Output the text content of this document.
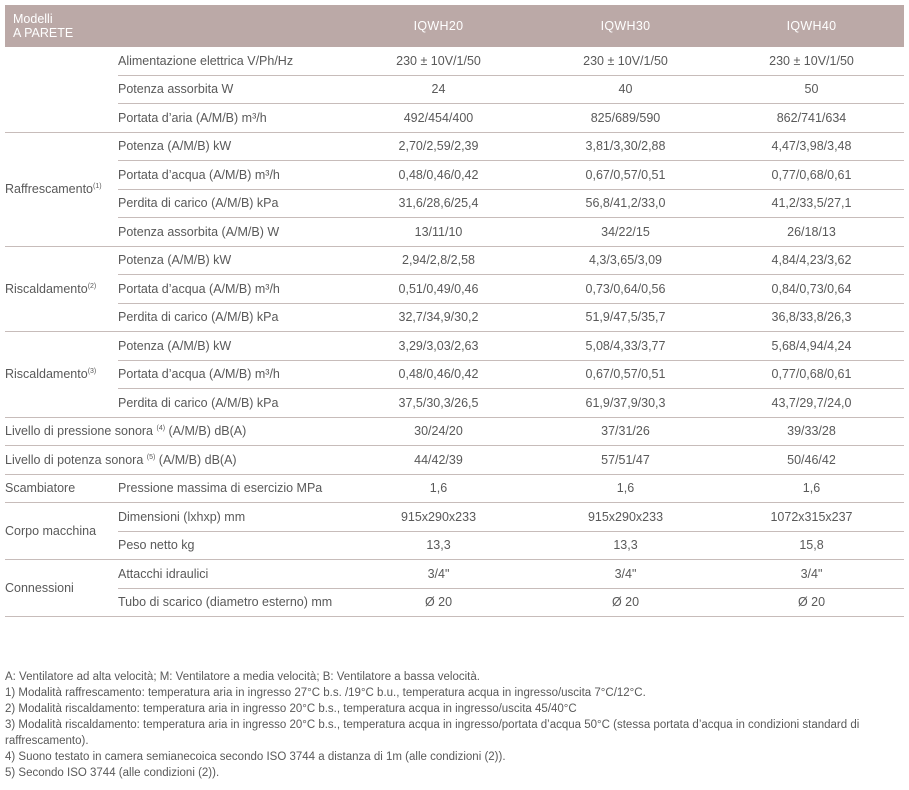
Modelli
A PARETE		IQWH20	IQWH30	IQWH40
	Alimentazione elettrica V/Ph/Hz	230 ± 10V/1/50	230 ± 10V/1/50	230 ± 10V/1/50
	Potenza assorbita W	24	40	50
	Portata d’aria (A/M/B) m³/h	492/454/400	825/689/590	862/741/634
Raffrescamento$^{(1)}$	Potenza (A/M/B) kW	2,70/2,59/2,39	3,81/3,30/2,88	4,47/3,98/3,48
	Portata d’acqua (A/M/B) m³/h	0,48/0,46/0,42	0,67/0,57/0,51	0,77/0,68/0,61
	Perdita di carico (A/M/B) kPa	31,6/28,6/25,4	56,8/41,2/33,0	41,2/33,5/27,1
	Potenza assorbita (A/M/B) W	13/11/10	34/22/15	26/18/13
Riscaldamento$^{(2)}$	Potenza (A/M/B) kW	2,94/2,8/2,58	4,3/3,65/3,09	4,84/4,23/3,62
	Portata d’acqua (A/M/B) m³/h	0,51/0,49/0,46	0,73/0,64/0,56	0,84/0,73/0,64
	Perdita di carico (A/M/B) kPa	32,7/34,9/30,2	51,9/47,5/35,7	36,8/33,8/26,3
Riscaldamento$^{(3)}$	Potenza (A/M/B) kW	3,29/3,03/2,63	5,08/4,33/3,77	5,68/4,94/4,24
	Portata d’acqua (A/M/B) m³/h	0,48/0,46/0,42	0,67/0,57/0,51	0,77/0,68/0,61
	Perdita di carico (A/M/B) kPa	37,5/30,3/26,5	61,9/37,9/30,3	43,7/29,7/24,0
Livello di pressione sonora $^{(4)}$ (A/M/B) dB(A)		30/24/20	37/31/26	39/33/28
Livello di potenza sonora $^{(5)}$ (A/M/B) dB(A)		44/42/39	57/51/47	50/46/42
Scambiatore	Pressione massima di esercizio MPa	1,6	1,6	1,6
Corpo macchina	Dimensioni (lxhxp) mm	915x290x233	915x290x233	1072x315x237
	Peso netto kg	13,3	13,3	15,8
Connessioni	Attacchi idraulici	3/4"	3/4"	3/4"
	Tubo di scarico (diametro esterno) mm	Ø 20	Ø 20	Ø 20
A: Ventilatore ad alta velocità; M: Ventilatore a media velocità; B: Ventilatore a bassa velocità.
1) Modalità raffrescamento: temperatura aria in ingresso 27°C b.s. /19°C b.u., temperatura acqua in ingresso/uscita 7°C/12°C.
2) Modalità riscaldamento: temperatura aria in ingresso 20°C b.s., temperatura acqua in ingresso/uscita 45/40°C
3) Modalità riscaldamento: temperatura aria in ingresso 20°C b.s., temperatura acqua in ingresso/portata d’acqua 50°C (stessa portata d’acqua in condizioni standard di raffrescamento).
4) Suono testato in camera semianecoica secondo ISO 3744 a distanza di 1m (alle condizioni (2)).
5) Secondo ISO 3744 (alle condizioni (2)).
